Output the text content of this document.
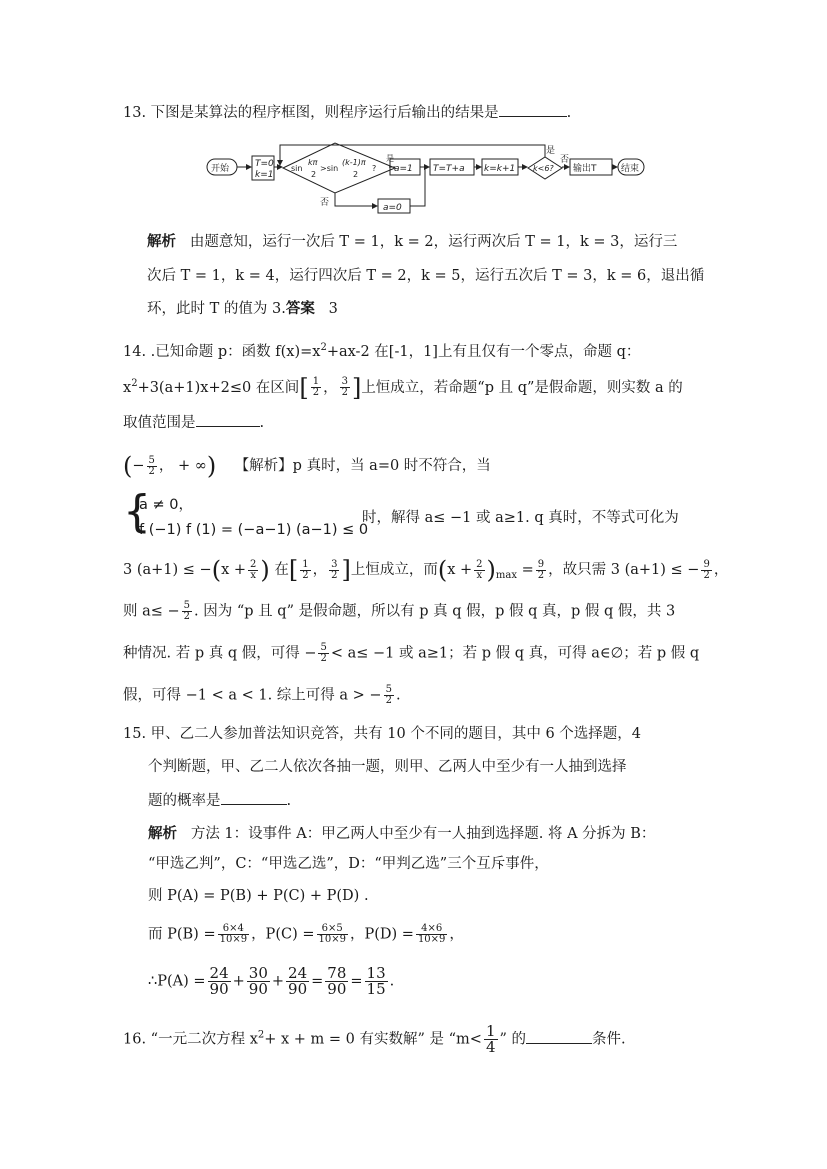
13. 下图是某算法的程序框图，则程序运行后输出的结果是	.
开始	T=0
k=1
sin
kπ
2
>sin
(k-1)π
2
?
是
否
a=1
a=0
T=T+a k=k+1 k<6?
是
否
输出T	结束
解析 由题意知，运行一次后 T = 1，k = 2，运行两次后 T = 1，k = 3，运行三
次后 T = 1，k = 4，运行四次后 T = 2，k = 5，运行五次后 T = 3，k = 6，退出循
环，此时 T 的值为 3.答案 3
14. .已知命题 p：函数 $f(x)=x^2+ax-2$ 在[-1，1]上有且仅有一个零点，命题 q：
$x^2+3(a+1)x+2\le 0$ 在区间[ $\frac{1}{2}$ ， $\frac{3}{2}$ ]上恒成立，若命题“p 且 q”是假命题，则实数 a 的
取值范围是	.
(− $\frac{5}{2}$ ， + ∞) 【解析】p 真时，当 a=0 时不符合，当
{
a ≠ 0，
f (−1) f (1) = (−a−1) (a−1) ≤ 0
时，解得 a≤ −1 或 a≥1. q 真时，不等式可化为
3 $(a+1) \le -(x + \frac{2}{x}$ ) 在[ $\frac{1}{2}$ ， $\frac{3}{2}$ ]上恒成立，而$(x + \frac{2}{x} )_{max} = \frac{9}{2}$ ，故只需 3 (a+1) ≤ − $\frac{9}{2}$ ，
则 $a\le - \frac{5}{2}$ . 因为 “p 且 q” 是假命题，所以有 p 真 q 假，p 假 q 真，p 假 q 假，共 3
种情况. 若 p 真 q 假，可得 − $\frac{5}{2} < a\le -1$ 或 a≥1；若 p 假 q 真，可得 a∈∅；若 p 假 q
假，可得 −1 < a < 1. 综上可得 a > − $\frac{5}{2}$ .
15. 甲、乙二人参加普法知识竞答，共有 10 个不同的题目，其中 6 个选择题，4
个判断题，甲、乙二人依次各抽一题，则甲、乙两人中至少有一人抽到选择
题的概率是	.
解析 方法 1：设事件 A：甲乙两人中至少有一人抽到选择题. 将 A 分拆为 B：
“甲选乙判”，C：“甲选乙选”，D：“甲判乙选”三个互斥事件，
则 P(A) = P(B) + P(C) + P(D) .
而 $P(B) = \frac{6\times 4}{10\times 9}$ ，$P(C) = \frac{6\times 5}{10\times 9}$ ，$P(D) = \frac{4\times 6}{10\times 9}$ ，
∴P(A) = $\frac{24}{90} + \frac{30}{90} + \frac{24}{90} = \frac{78}{90} = \frac{13}{15}$ .
16. “一元二次方程 $x^2+ x + m = 0$ 有实数解” 是 “$m< \frac{1}{4}$ ” 的	条件.
